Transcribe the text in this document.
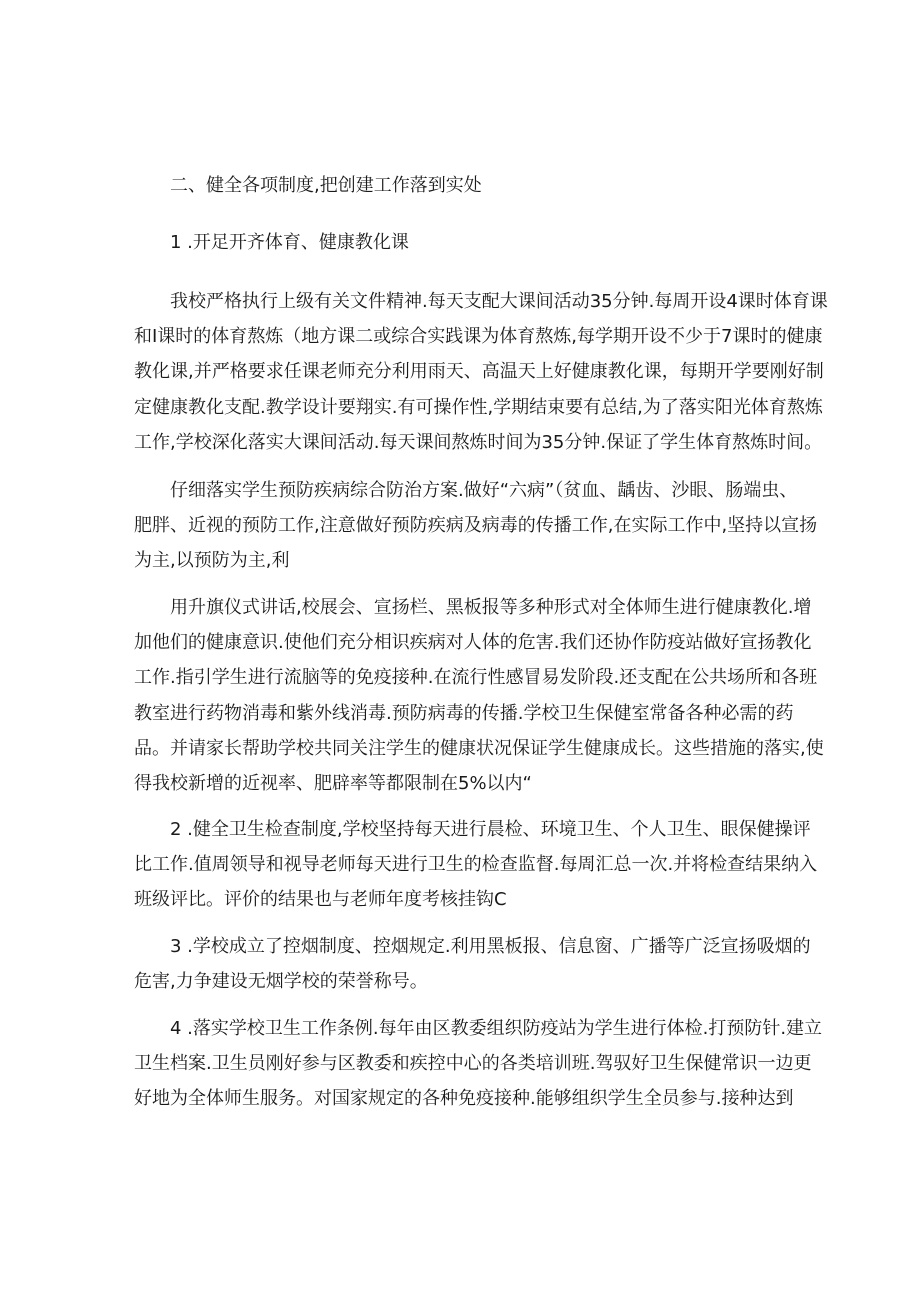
二、健全各项制度,把创建工作落到实处
1 .开足开齐体育、健康教化课
我校严格执行上级有关文件精神.每天支配大课间活动35分钟.每周开设4课时体育课
和I课时的体育熬炼（地方课二或综合实践课为体育熬炼,每学期开设不少于7课时的健康
教化课,并严格要求任课老师充分利用雨天、高温天上好健康教化课，每期开学要刚好制
定健康教化支配.教学设计要翔实.有可操作性,学期结束要有总结,为了落实阳光体育熬炼
工作,学校深化落实大课间活动.每天课间熬炼时间为35分钟.保证了学生体育熬炼时间。
仔细落实学生预防疾病综合防治方案.做好“六病”（贫血、龋齿、沙眼、肠端虫、
肥胖、近视的预防工作,注意做好预防疾病及病毒的传播工作,在实际工作中,坚持以宣扬
为主,以预防为主,利
用升旗仪式讲话,校展会、宣扬栏、黑板报等多种形式对全体师生进行健康教化.增
加他们的健康意识.使他们充分相识疾病对人体的危害.我们还协作防疫站做好宣扬教化
工作.指引学生进行流脑等的免疫接种.在流行性感冒易发阶段.还支配在公共场所和各班
教室进行药物消毒和紫外线消毒.预防病毒的传播.学校卫生保健室常备各种必需的药
品。并请家长帮助学校共同关注学生的健康状况保证学生健康成长。这些措施的落实,使
得我校新增的近视率、肥辟率等都限制在5%以内“
2 .健全卫生检查制度,学校坚持每天进行晨检、环境卫生、个人卫生、眼保健操评
比工作.值周领导和视导老师每天进行卫生的检查监督.每周汇总一次.并将检查结果纳入
班级评比。评价的结果也与老师年度考核挂钩C
3 .学校成立了控烟制度、控烟规定.利用黑板报、信息窗、广播等广泛宣扬吸烟的
危害,力争建设无烟学校的荣誉称号。
4 .落实学校卫生工作条例.每年由区教委组织防疫站为学生进行体检.打预防针.建立
卫生档案.卫生员刚好参与区教委和疾控中心的各类培训班.驾驭好卫生保健常识一边更
好地为全体师生服务。对国家规定的各种免疫接种.能够组织学生全员参与.接种达到
